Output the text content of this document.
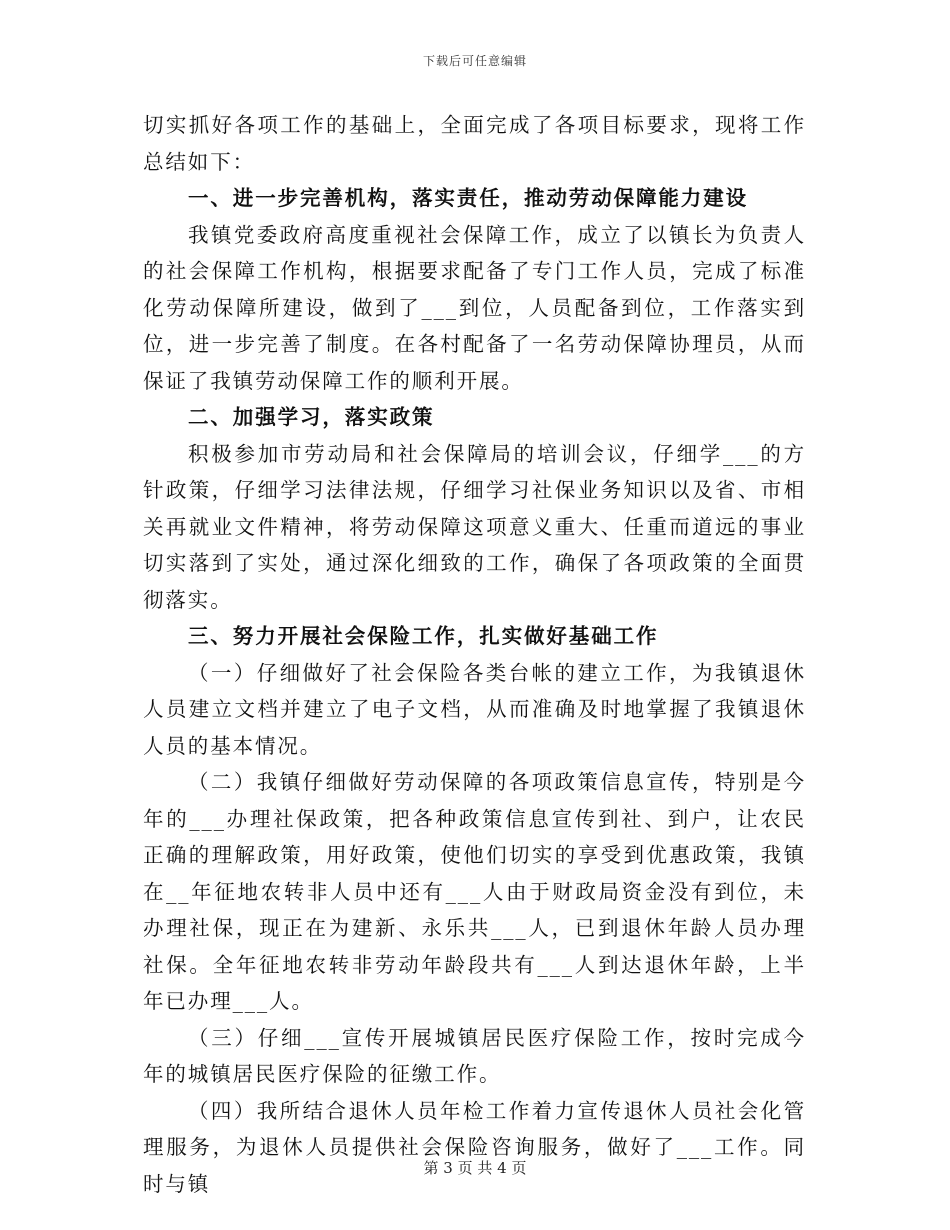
下载后可任意编辑

切实抓好各项工作的基础上，全面完成了各项目标要求，现将工作总结如下：

一、进一步完善机构，落实责任，推动劳动保障能力建设

我镇党委政府高度重视社会保障工作，成立了以镇长为负责人的社会保障工作机构，根据要求配备了专门工作人员，完成了标准化劳动保障所建设，做到了___到位，人员配备到位，工作落实到位，进一步完善了制度。在各村配备了一名劳动保障协理员，从而保证了我镇劳动保障工作的顺利开展。

二、加强学习，落实政策

积极参加市劳动局和社会保障局的培训会议，仔细学___的方针政策，仔细学习法律法规，仔细学习社保业务知识以及省、市相关再就业文件精神，将劳动保障这项意义重大、任重而道远的事业切实落到了实处，通过深化细致的工作，确保了各项政策的全面贯彻落实。

三、努力开展社会保险工作，扎实做好基础工作

（一）仔细做好了社会保险各类台帐的建立工作，为我镇退休人员建立文档并建立了电子文档，从而准确及时地掌握了我镇退休人员的基本情况。

（二）我镇仔细做好劳动保障的各项政策信息宣传，特别是今年的___办理社保政策，把各种政策信息宣传到社、到户，让农民正确的理解政策，用好政策，使他们切实的享受到优惠政策，我镇在__年征地农转非人员中还有___人由于财政局资金没有到位，未办理社保，现正在为建新、永乐共___人，已到退休年龄人员办理社保。全年征地农转非劳动年龄段共有___人到达退休年龄，上半年已办理___人。

（三）仔细___宣传开展城镇居民医疗保险工作，按时完成今年的城镇居民医疗保险的征缴工作。

（四）我所结合退休人员年检工作着力宣传退休人员社会化管理服务，为退休人员提供社会保险咨询服务，做好了___工作。同时与镇

第 3 页 共 4 页
